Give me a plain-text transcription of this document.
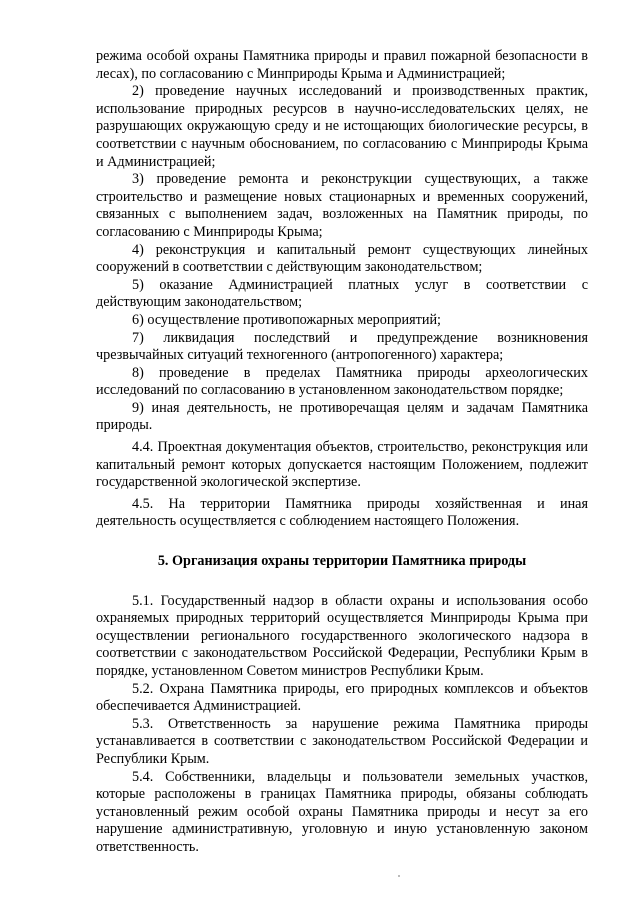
режима особой охраны Памятника природы и правил пожарной безопасности в лесах), по согласованию с Минприроды Крыма и Администрацией;

2) проведение научных исследований и производственных практик, использование природных ресурсов в научно-исследовательских целях, не разрушающих окружающую среду и не истощающих биологические ресурсы, в соответствии с научным обоснованием, по согласованию с Минприроды Крыма и Администрацией;

3) проведение ремонта и реконструкции существующих, а также строительство и размещение новых стационарных и временных сооружений, связанных с выполнением задач, возложенных на Памятник природы, по согласованию с Минприроды Крыма;

4) реконструкция и капитальный ремонт существующих линейных сооружений в соответствии с действующим законодательством;

5) оказание Администрацией платных услуг в соответствии с действующим законодательством;

6) осуществление противопожарных мероприятий;

7) ликвидация последствий и предупреждение возникновения чрезвычайных ситуаций техногенного (антропогенного) характера;

8) проведение в пределах Памятника природы археологических исследований по согласованию в установленном законодательством порядке;

9) иная деятельность, не противоречащая целям и задачам Памятника природы.

4.4. Проектная документация объектов, строительство, реконструкция или капитальный ремонт которых допускается настоящим Положением, подлежит государственной экологической экспертизе.

4.5. На территории Памятника природы хозяйственная и иная деятельность осуществляется с соблюдением настоящего Положения.

5. Организация охраны территории Памятника природы

5.1. Государственный надзор в области охраны и использования особо охраняемых природных территорий осуществляется Минприроды Крыма при осуществлении регионального государственного экологического надзора в соответствии с законодательством Российской Федерации, Республики Крым в порядке, установленном Советом министров Республики Крым.

5.2. Охрана Памятника природы, его природных комплексов и объектов обеспечивается Администрацией.

5.3. Ответственность за нарушение режима Памятника природы устанавливается в соответствии с законодательством Российской Федерации и Республики Крым.

5.4. Собственники, владельцы и пользователи земельных участков, которые расположены в границах Памятника природы, обязаны соблюдать установленный режим особой охраны Памятника природы и несут за его нарушение административную, уголовную и иную установленную законом ответственность.
